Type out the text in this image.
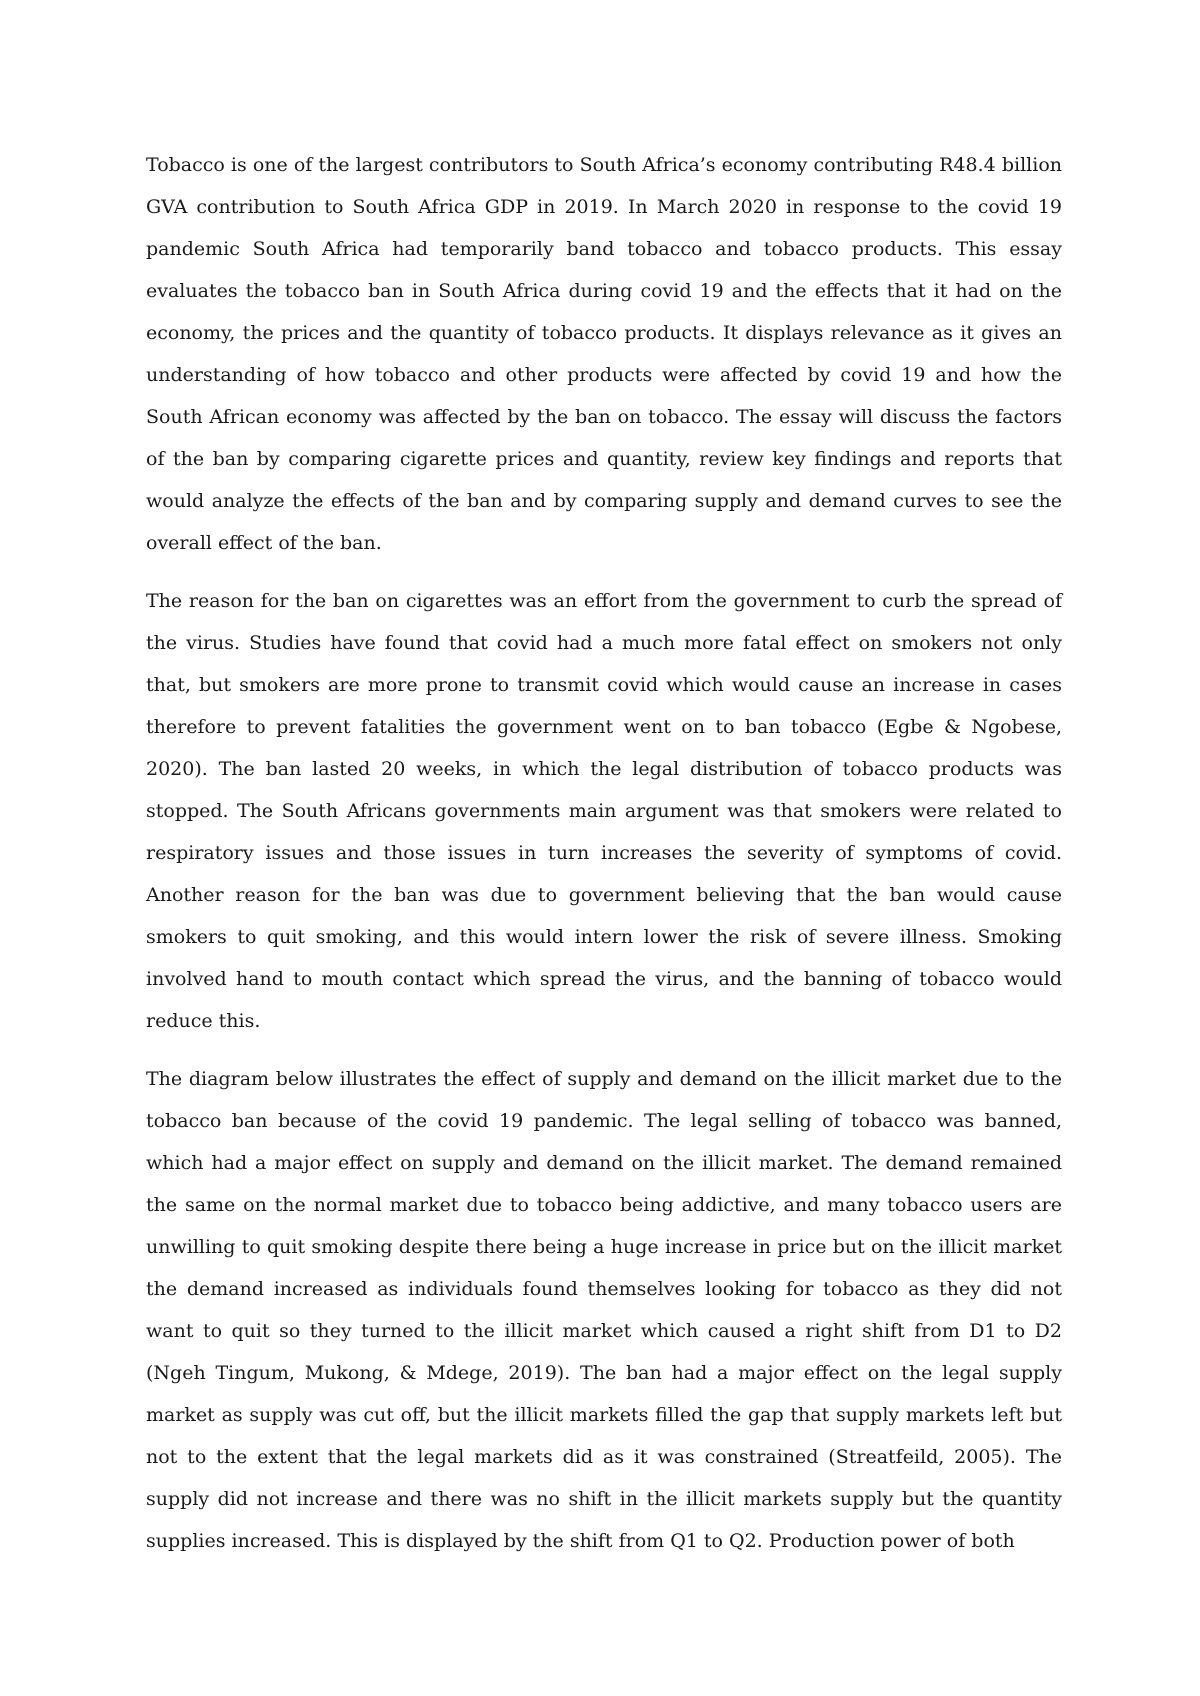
Tobacco is one of the largest contributors to South Africa’s economy contributing R48.4 billion GVA contribution to South Africa GDP in 2019. In March 2020 in response to the covid 19 pandemic South Africa had temporarily band tobacco and tobacco products. This essay evaluates the tobacco ban in South Africa during covid 19 and the effects that it had on the economy, the prices and the quantity of tobacco products. It displays relevance as it gives an understanding of how tobacco and other products were affected by covid 19 and how the South African economy was affected by the ban on tobacco. The essay will discuss the factors of the ban by comparing cigarette prices and quantity, review key findings and reports that would analyze the effects of the ban and by comparing supply and demand curves to see the overall effect of the ban.

The reason for the ban on cigarettes was an effort from the government to curb the spread of the virus. Studies have found that covid had a much more fatal effect on smokers not only that, but smokers are more prone to transmit covid which would cause an increase in cases therefore to prevent fatalities the government went on to ban tobacco (Egbe & Ngobese, 2020). The ban lasted 20 weeks, in which the legal distribution of tobacco products was stopped. The South Africans governments main argument was that smokers were related to respiratory issues and those issues in turn increases the severity of symptoms of covid. Another reason for the ban was due to government believing that the ban would cause smokers to quit smoking, and this would intern lower the risk of severe illness. Smoking involved hand to mouth contact which spread the virus, and the banning of tobacco would reduce this.

The diagram below illustrates the effect of supply and demand on the illicit market due to the tobacco ban because of the covid 19 pandemic. The legal selling of tobacco was banned, which had a major effect on supply and demand on the illicit market. The demand remained the same on the normal market due to tobacco being addictive, and many tobacco users are unwilling to quit smoking despite there being a huge increase in price but on the illicit market the demand increased as individuals found themselves looking for tobacco as they did not want to quit so they turned to the illicit market which caused a right shift from D1 to D2 (Ngeh Tingum, Mukong, & Mdege, 2019). The ban had a major effect on the legal supply market as supply was cut off, but the illicit markets filled the gap that supply markets left but not to the extent that the legal markets did as it was constrained (Streatfeild, 2005). The supply did not increase and there was no shift in the illicit markets supply but the quantity supplies increased. This is displayed by the shift from Q1 to Q2. Production power of both
